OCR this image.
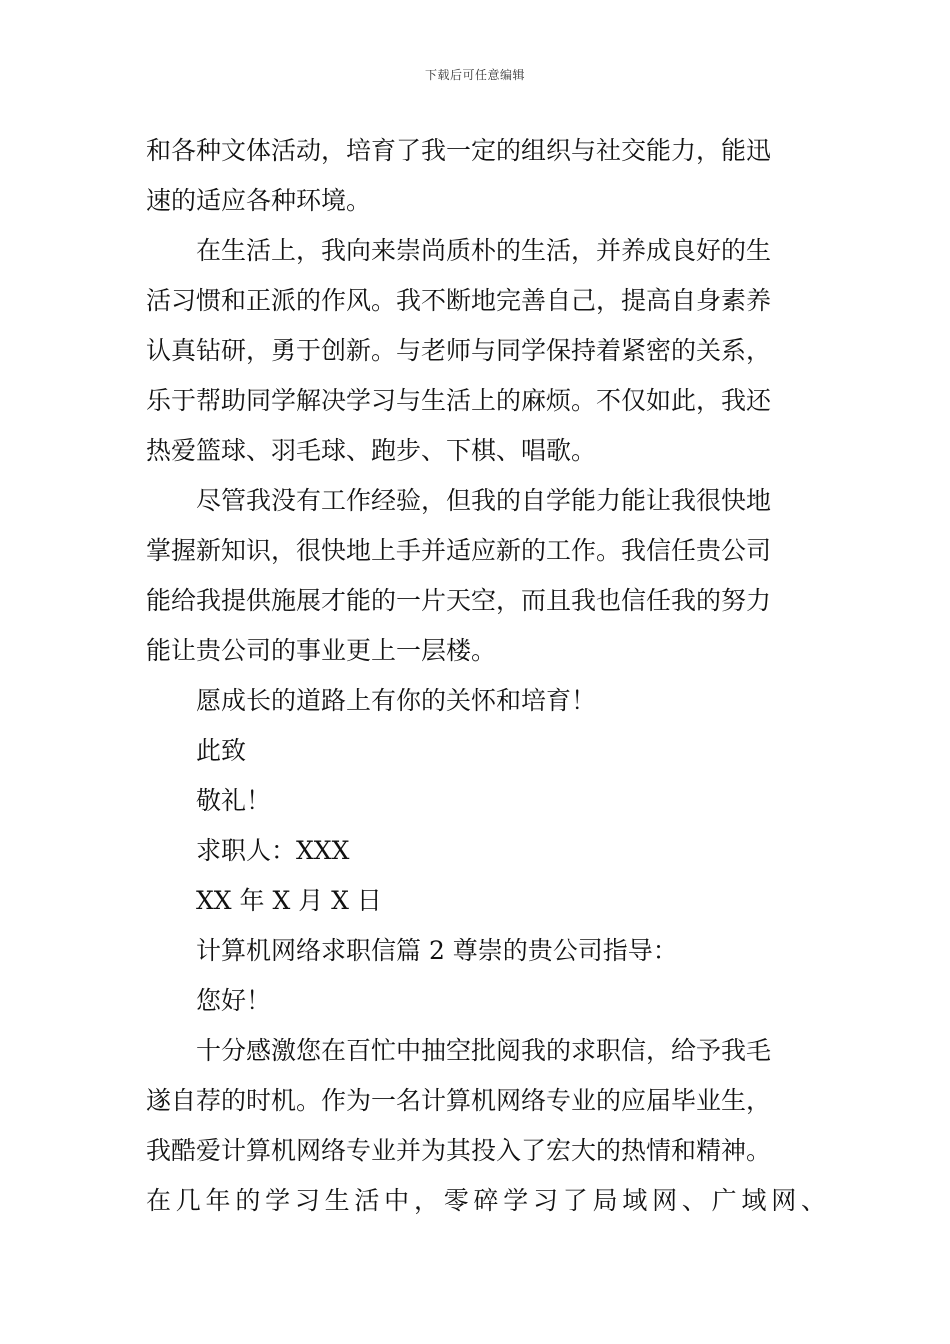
下载后可任意编辑
和各种文体活动，培育了我一定的组织与社交能力，能迅
速的适应各种环境。
在生活上，我向来崇尚质朴的生活，并养成良好的生
活习惯和正派的作风。我不断地完善自己，提高自身素养
认真钻研，勇于创新。与老师与同学保持着紧密的关系，
乐于帮助同学解决学习与生活上的麻烦。不仅如此，我还
热爱篮球、羽毛球、跑步、下棋、唱歌。
尽管我没有工作经验，但我的自学能力能让我很快地
掌握新知识，很快地上手并适应新的工作。我信任贵公司
能给我提供施展才能的一片天空，而且我也信任我的努力
能让贵公司的事业更上一层楼。
愿成长的道路上有你的关怀和培育！
此致
敬礼！
求职人：XXX
XX 年 X 月 X 日
计算机网络求职信篇 2 尊崇的贵公司指导：
您好！
十分感激您在百忙中抽空批阅我的求职信，给予我毛
遂自荐的时机。作为一名计算机网络专业的应届毕业生，
我酷爱计算机网络专业并为其投入了宏大的热情和精神。
在几年的学习生活中，零碎学习了局域网、广域网、
